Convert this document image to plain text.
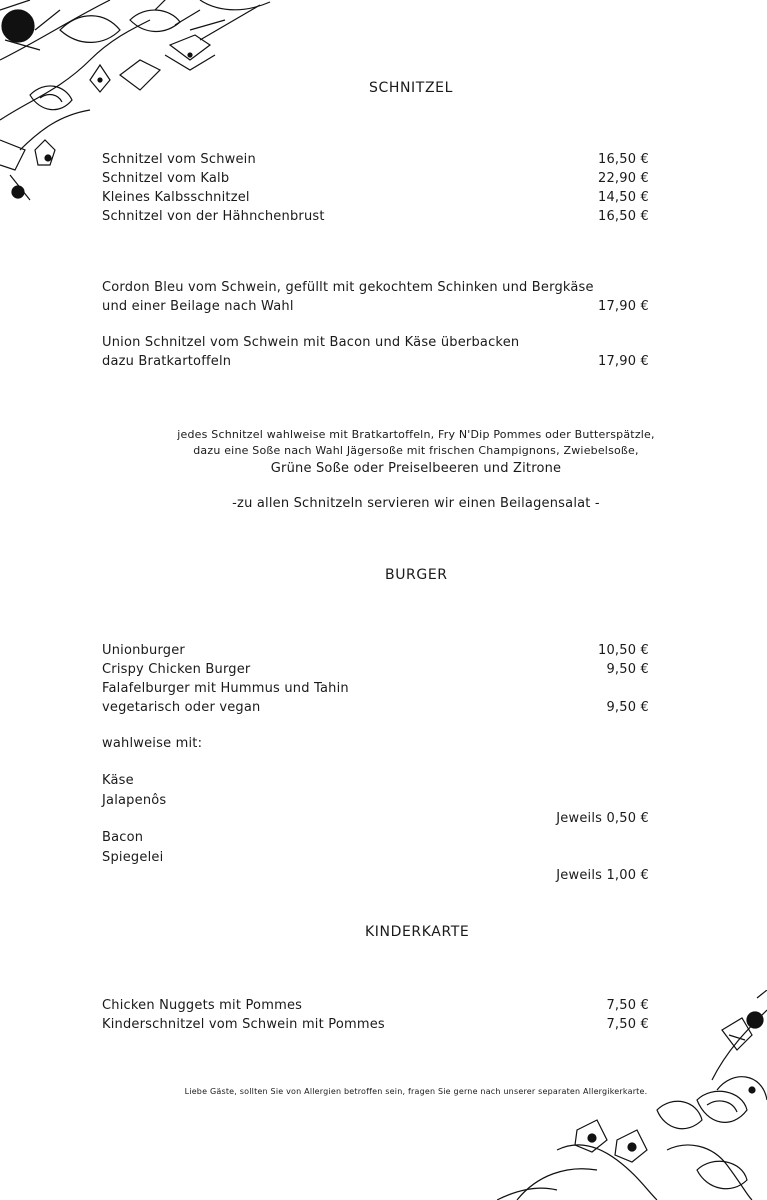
SCHNITZEL
Schnitzel vom Schwein	16,50 €
Schnitzel vom Kalb	22,90 €
Kleines Kalbsschnitzel	14,50 €
Schnitzel von der Hähnchenbrust	16,50 €
Cordon Bleu vom Schwein, gefüllt mit gekochtem Schinken und Bergkäse
und einer Beilage nach Wahl	17,90 €
Union Schnitzel vom Schwein mit Bacon und Käse überbacken
dazu Bratkartoffeln	17,90 €
jedes Schnitzel wahlweise mit Bratkartoffeln, Fry N'Dip Pommes oder Butterspätzle,
dazu eine Soße nach Wahl Jägersoße mit frischen Champignons, Zwiebelsoße,
Grüne Soße oder Preiselbeeren und Zitrone
-zu allen Schnitzeln servieren wir einen Beilagensalat -
BURGER
Unionburger	10,50 €
Crispy Chicken Burger	9,50 €
Falafelburger mit Hummus und Tahin
vegetarisch oder vegan	9,50 €
wahlweise mit:
Käse
Jalapenôs
Jeweils 0,50 €
Bacon
Spiegelei
Jeweils 1,00 €
KINDERKARTE
Chicken Nuggets mit Pommes	7,50 €
Kinderschnitzel vom Schwein mit Pommes	7,50 €
Liebe Gäste, sollten Sie von Allergien betroffen sein, fragen Sie gerne nach unserer separaten Allergikerkarte.
